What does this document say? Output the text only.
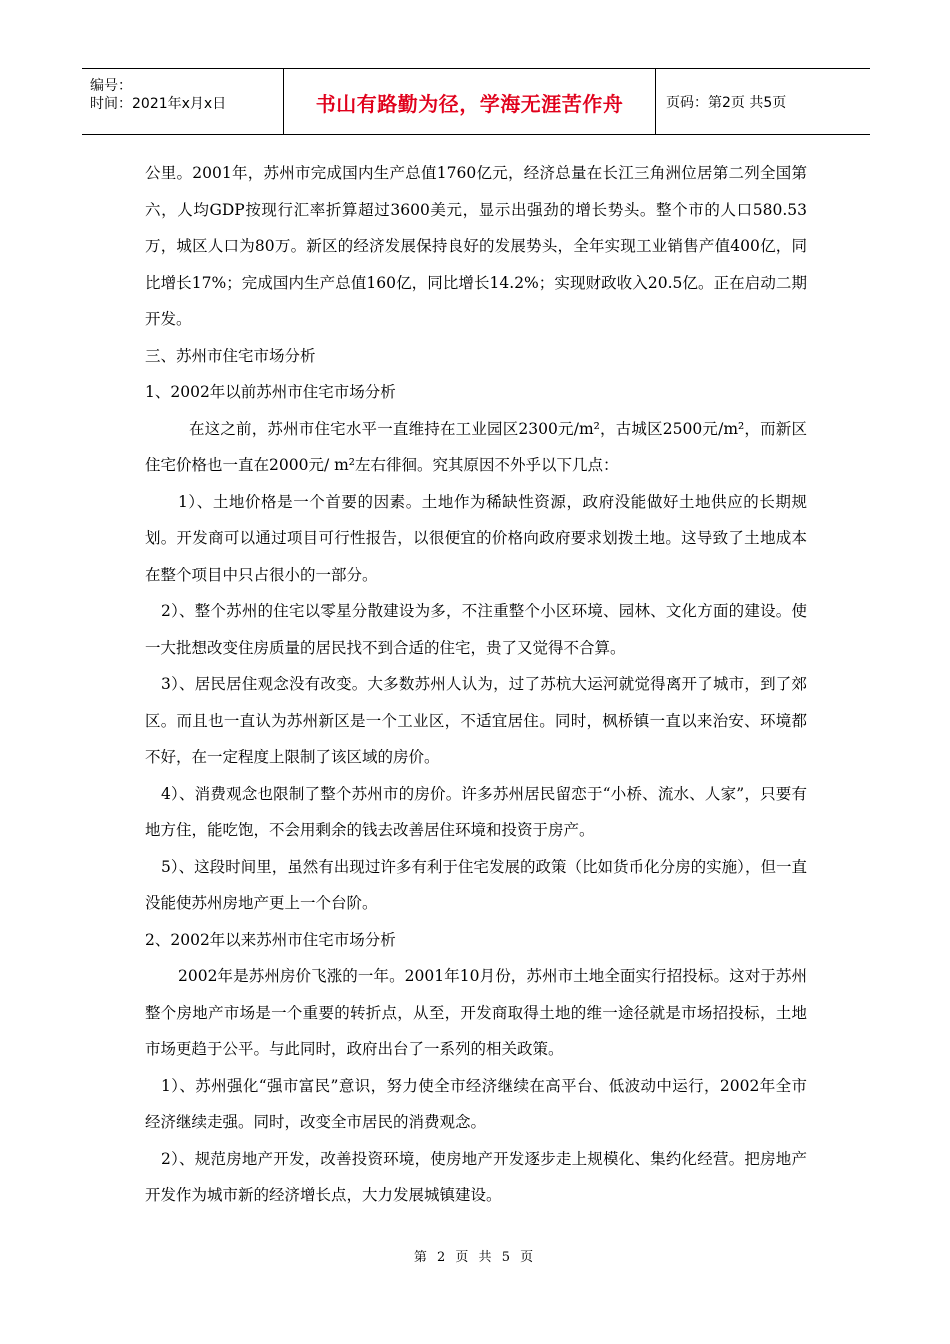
编号：
时间：2021年x月x日	书山有路勤为径，学海无涯苦作舟	页码：第2页 共5页

公里。2001年，苏州市完成国内生产总值1760亿元，经济总量在长江三角洲位居第二列全国第六，人均GDP按现行汇率折算超过3600美元，显示出强劲的增长势头。整个市的人口580.53万，城区人口为80万。新区的经济发展保持良好的发展势头，全年实现工业销售产值400亿，同比增长17%；完成国内生产总值160亿，同比增长14.2%；实现财政收入20.5亿。正在启动二期开发。

三、苏州市住宅市场分析

1、2002年以前苏州市住宅市场分析

在这之前，苏州市住宅水平一直维持在工业园区2300元/m²，古城区2500元/m²，而新区住宅价格也一直在2000元/ m²左右徘徊。究其原因不外乎以下几点：

1）、土地价格是一个首要的因素。土地作为稀缺性资源，政府没能做好土地供应的长期规划。开发商可以通过项目可行性报告，以很便宜的价格向政府要求划拨土地。这导致了土地成本在整个项目中只占很小的一部分。

2）、整个苏州的住宅以零星分散建设为多，不注重整个小区环境、园林、文化方面的建设。使一大批想改变住房质量的居民找不到合适的住宅，贵了又觉得不合算。

3）、居民居住观念没有改变。大多数苏州人认为，过了苏杭大运河就觉得离开了城市，到了郊区。而且也一直认为苏州新区是一个工业区，不适宜居住。同时，枫桥镇一直以来治安、环境都不好，在一定程度上限制了该区域的房价。

4）、消费观念也限制了整个苏州市的房价。许多苏州居民留恋于“小桥、流水、人家”，只要有地方住，能吃饱，不会用剩余的钱去改善居住环境和投资于房产。

5）、这段时间里，虽然有出现过许多有利于住宅发展的政策（比如货币化分房的实施），但一直没能使苏州房地产更上一个台阶。

2、2002年以来苏州市住宅市场分析

2002年是苏州房价飞涨的一年。2001年10月份，苏州市土地全面实行招投标。这对于苏州整个房地产市场是一个重要的转折点，从至，开发商取得土地的维一途径就是市场招投标，土地市场更趋于公平。与此同时，政府出台了一系列的相关政策。

1）、苏州强化“强市富民”意识，努力使全市经济继续在高平台、低波动中运行，2002年全市经济继续走强。同时，改变全市居民的消费观念。

2）、规范房地产开发，改善投资环境，使房地产开发逐步走上规模化、集约化经营。把房地产开发作为城市新的经济增长点，大力发展城镇建设。

第 2 页 共 5 页
